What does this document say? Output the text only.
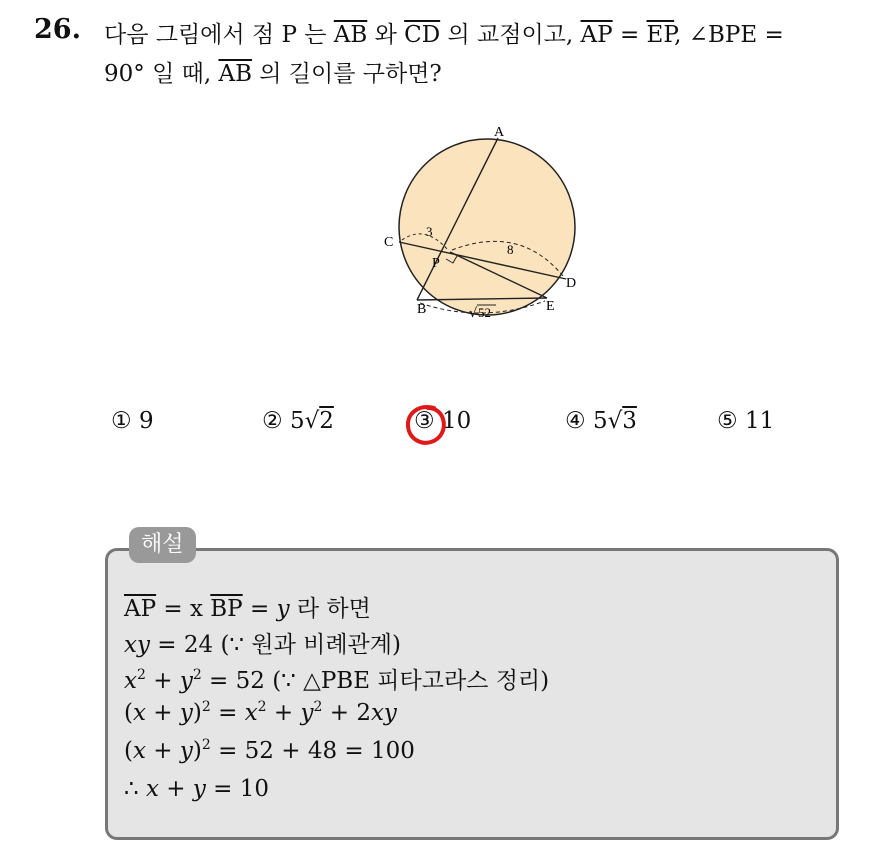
26. 다음 그림에서 점 P 는 $\overline{AB}$ 와 $\overline{CD}$ 의 교점이고, $\overline{AP} = \overline{EP}$, ∠BPE =
90° 일 때, $\overline{AB}$ 의 길이를 구하면?
A
C
P
D
B	E
3
8
√ 52
① 9	② 5√2	③ 10	④ 5√3	⑤ 11
해설
$\overline{AP} = x$ $\overline{BP} = y$ 라 하면
xy = 24 (∵ 원과 비례관계)
$x^2 + y^2 = 52$ (∵ △PBE 피타고라스 정리)
$(x + y)^2 = x^2 + y^2 + 2xy$
$(x + y)^2 = 52 + 48 = 100$
∴ x + y = 10
